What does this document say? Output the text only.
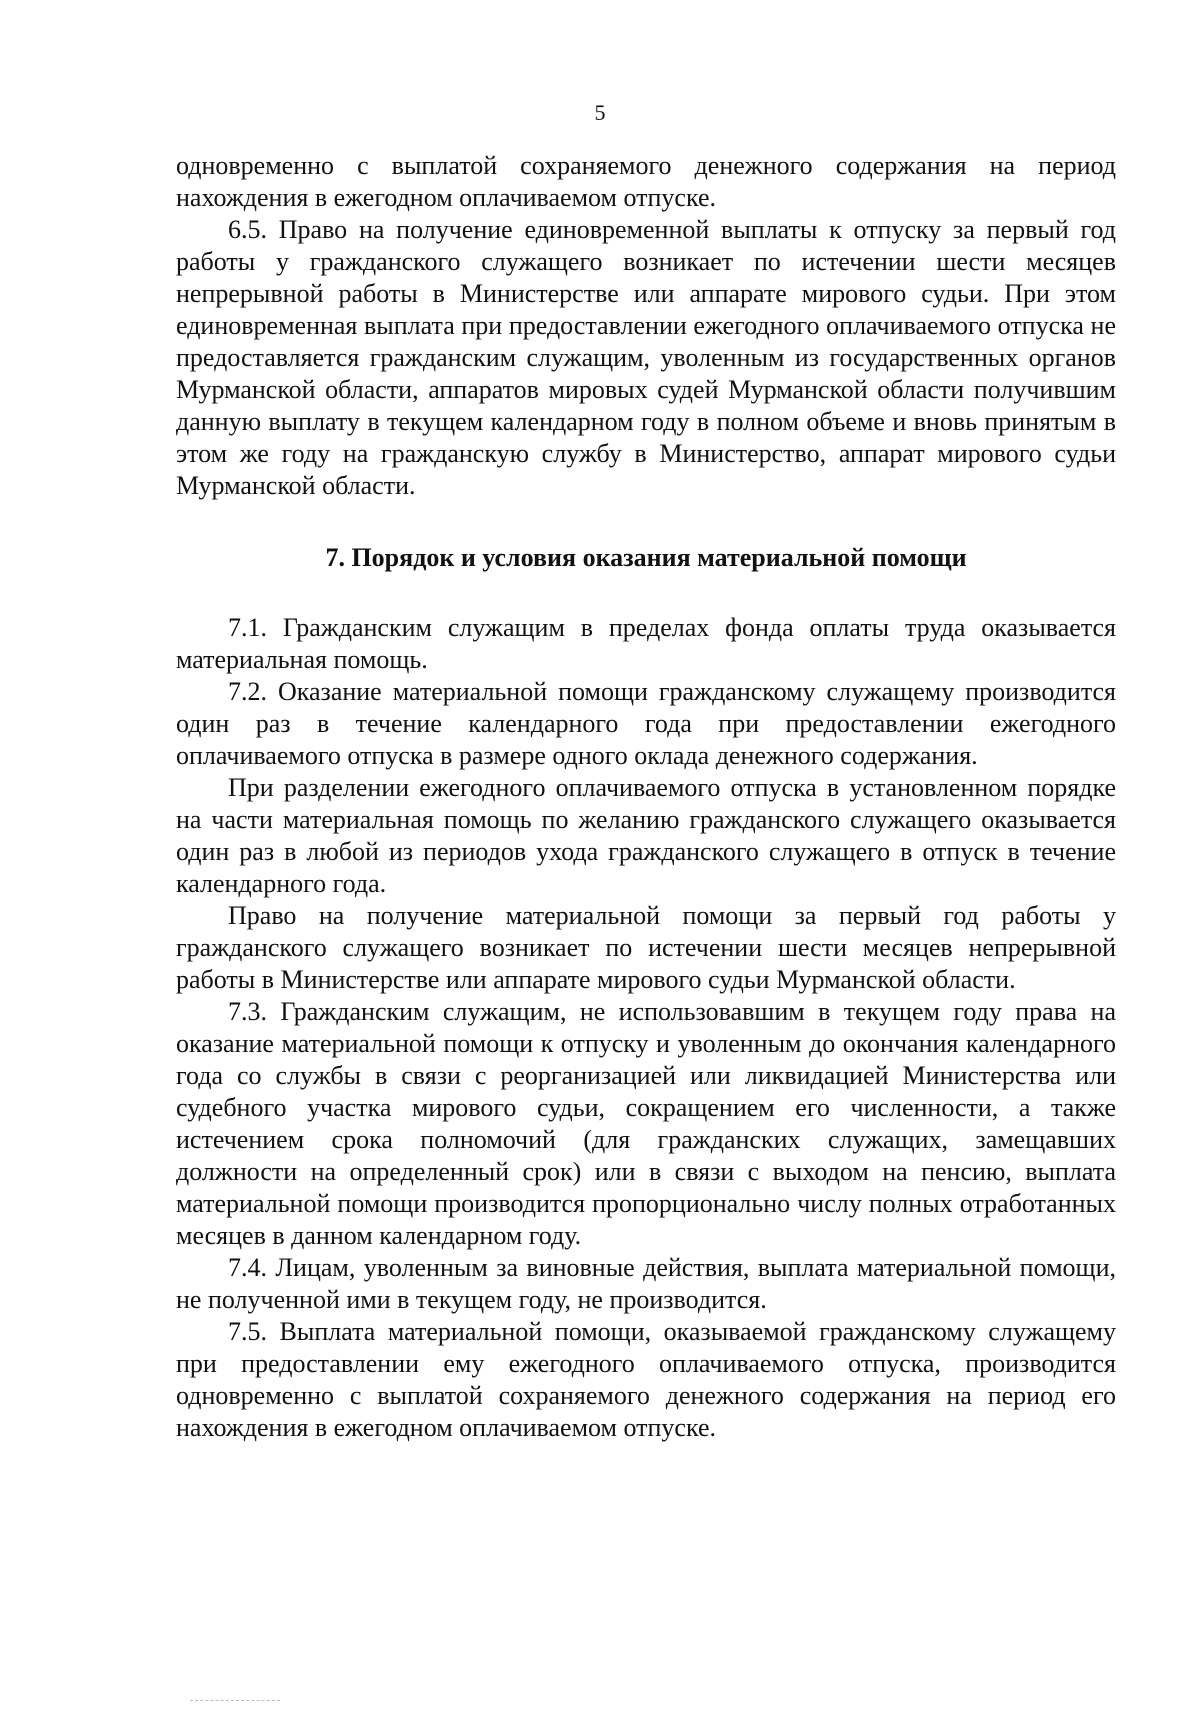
5

одновременно с выплатой сохраняемого денежного содержания на период нахождения в ежегодном оплачиваемом отпуске.

6.5. Право на получение единовременной выплаты к отпуску за первый год работы у гражданского служащего возникает по истечении шести месяцев непрерывной работы в Министерстве или аппарате мирового судьи. При этом единовременная выплата при предоставлении ежегодного оплачиваемого отпуска не предоставляется гражданским служащим, уволенным из государственных органов Мурманской области, аппаратов мировых судей Мурманской области получившим данную выплату в текущем календарном году в полном объеме и вновь принятым в этом же году на гражданскую службу в Министерство, аппарат мирового судьи Мурманской области.

7. Порядок и условия оказания материальной помощи

7.1. Гражданским служащим в пределах фонда оплаты труда оказывается материальная помощь.

7.2. Оказание материальной помощи гражданскому служащему производится один раз в течение календарного года при предоставлении ежегодного оплачиваемого отпуска в размере одного оклада денежного содержания.

При разделении ежегодного оплачиваемого отпуска в установленном порядке на части материальная помощь по желанию гражданского служащего оказывается один раз в любой из периодов ухода гражданского служащего в отпуск в течение календарного года.

Право на получение материальной помощи за первый год работы у гражданского служащего возникает по истечении шести месяцев непрерывной работы в Министерстве или аппарате мирового судьи Мурманской области.

7.3. Гражданским служащим, не использовавшим в текущем году права на оказание материальной помощи к отпуску и уволенным до окончания календарного года со службы в связи с реорганизацией или ликвидацией Министерства или судебного участка мирового судьи, сокращением его численности, а также истечением срока полномочий (для гражданских служащих, замещавших должности на определенный срок) или в связи с выходом на пенсию, выплата материальной помощи производится пропорционально числу полных отработанных месяцев в данном календарном году.

7.4. Лицам, уволенным за виновные действия, выплата материальной помощи, не полученной ими в текущем году, не производится.

7.5. Выплата материальной помощи, оказываемой гражданскому служащему при предоставлении ему ежегодного оплачиваемого отпуска, производится одновременно с выплатой сохраняемого денежного содержания на период его нахождения в ежегодном оплачиваемом отпуске.
